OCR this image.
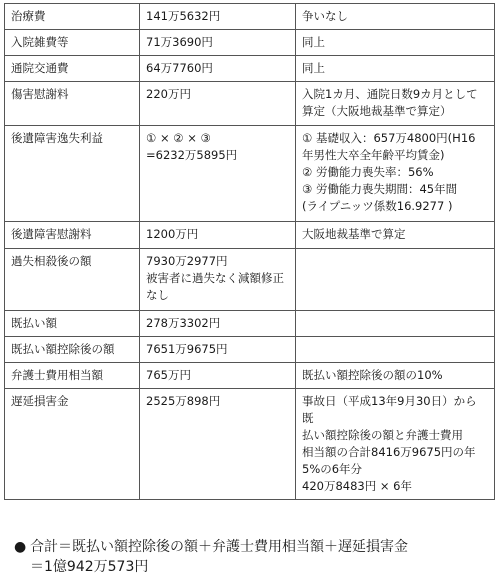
治療費	141万5632円	争いなし

入院雑費等	71万3690円	同上

通院交通費	64万7760円	同上

傷害慰謝料	220万円	入院1カ月、通院日数9カ月として
算定（大阪地裁基準で算定）

後遺障害逸失利益	① × ② × ③
=6232万5895円	① 基礎収入：657万4800円(H16
年男性大卒全年齢平均賃金)
② 労働能力喪失率：56%
③ 労働能力喪失期間：45年間
(ライプニッツ係数16.9277 )

後遺障害慰謝料	1200万円	大阪地裁基準で算定

過失相殺後の額	7930万2977円
被害者に過失なく減額修正
なし	

既払い額	278万3302円	

既払い額控除後の額	7651万9675円	

弁護士費用相当額	765万円	既払い額控除後の額の10%

遅延損害金	2525万898円	事故日（平成13年9月30日）から既
払い額控除後の額と弁護士費用
相当額の合計8416万9675円の年
5%の6年分
420万8483円 × 6年
● 合計＝既払い額控除後の額＋弁護士費用相当額＋遅延損害金
＝1億942万573円
